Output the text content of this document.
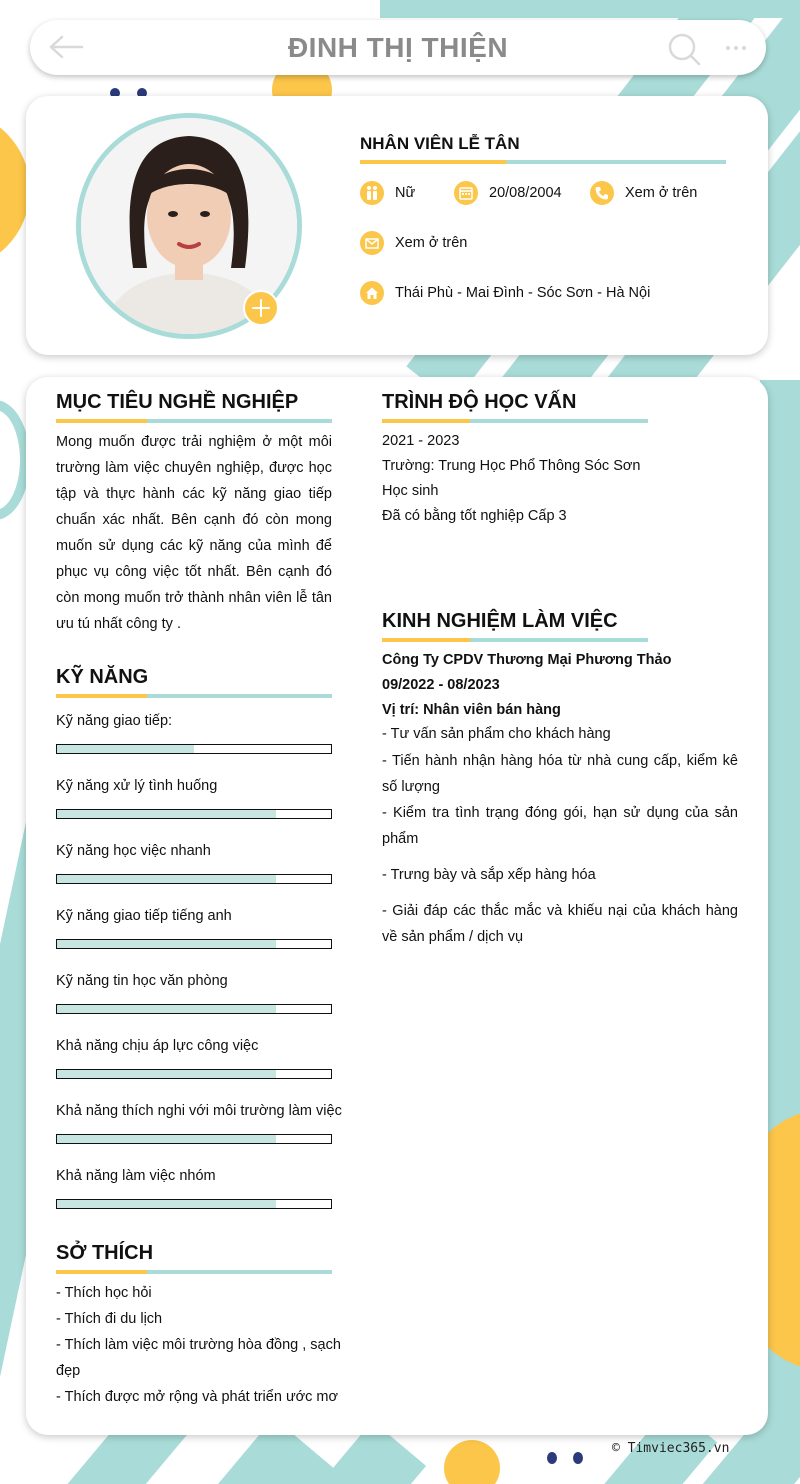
ĐINH THỊ THIỆN
NHÂN VIÊN LỄ TÂN
Nữ	20/08/2004	Xem ở trên
Xem ở trên
Thái Phù - Mai Đình - Sóc Sơn - Hà Nội
MỤC TIÊU NGHỀ NGHIỆP
Mong muốn được trải nghiệm ở một môi trường làm việc chuyên nghiệp, được học tập và thực hành các kỹ năng giao tiếp chuẩn xác nhất. Bên cạnh đó còn mong muốn sử dụng các kỹ năng của mình để phục vụ công việc tốt nhất. Bên cạnh đó còn mong muốn trở thành nhân viên lễ tân ưu tú nhất công ty .
KỸ NĂNG
Kỹ năng giao tiếp:
Kỹ năng xử lý tình huống
Kỹ năng học việc nhanh
Kỹ năng giao tiếp tiếng anh
Kỹ năng tin học văn phòng
Khả năng chịu áp lực công việc
Khả năng thích nghi với môi trường làm việc
Khả năng làm việc nhóm
SỞ THÍCH
- Thích học hỏi
- Thích đi du lịch
- Thích làm việc môi trường hòa đồng , sạch
đẹp
- Thích được mở rộng và phát triển ước mơ
TRÌNH ĐỘ HỌC VẤN
2021 - 2023
Trường: Trung Học Phổ Thông Sóc Sơn
Học sinh
Đã có bằng tốt nghiệp Cấp 3
KINH NGHIỆM LÀM VIỆC
Công Ty CPDV Thương Mại Phương Thảo
09/2022 - 08/2023
Vị trí: Nhân viên bán hàng
- Tư vấn sản phẩm cho khách hàng
- Tiến hành nhận hàng hóa từ nhà cung cấp, kiểm kê số lượng
- Kiểm tra tình trạng đóng gói, hạn sử dụng của sản phẩm
- Trưng bày và sắp xếp hàng hóa
- Giải đáp các thắc mắc và khiếu nại của khách hàng về sản phẩm / dịch vụ
© Timviec365.vn
